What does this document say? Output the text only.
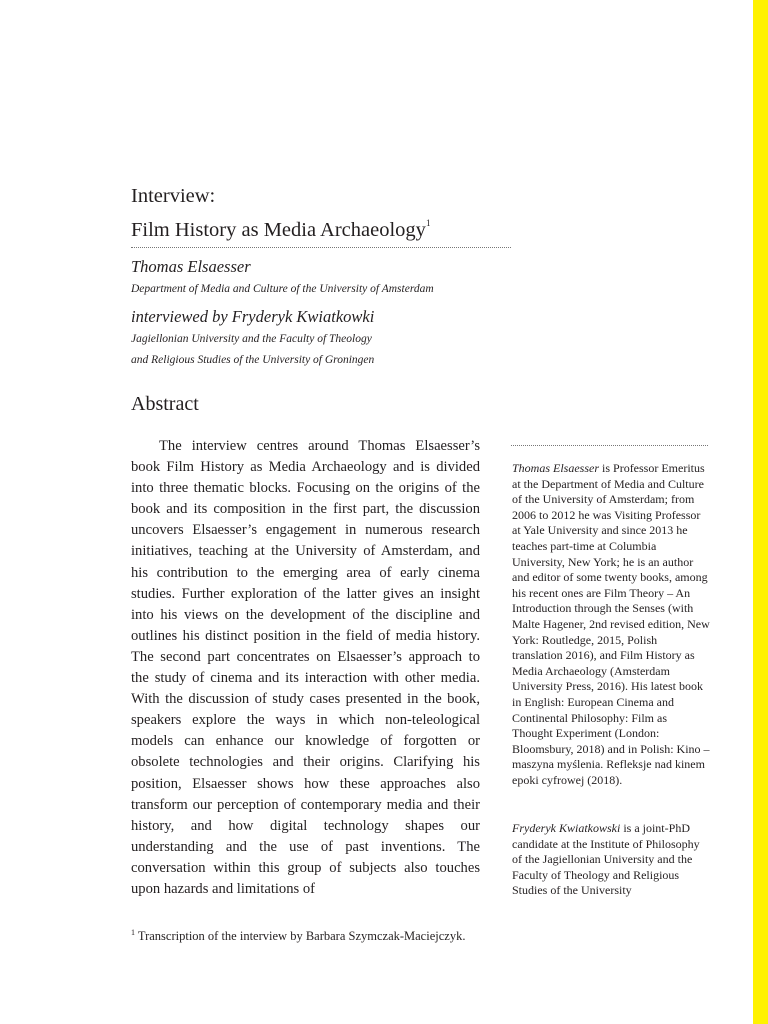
Interview:
Film History as Media Archaeology$^1$
Thomas Elsaesser
Department of Media and Culture of the University of Amsterdam
interviewed by Fryderyk Kwiatkowki
Jagiellonian University and the Faculty of Theology
and Religious Studies of the University of Groningen
Abstract

The interview centres around Thomas Elsaesser’s book Film History as Media Archaeology and is divided into three thematic blocks. Focusing on the origins of the book and its composition in the first part, the discussion uncovers Elsaesser’s engagement in numerous research initiatives, teaching at the University of Amsterdam, and his contribution to the emerging area of early cinema studies. Further exploration of the latter gives an insight into his views on the development of the discipline and outlines his distinct position in the field of media history. The second part concentrates on Elsaesser’s approach to the study of cinema and its interaction with other media. With the discussion of study cases presented in the book, speakers explore the ways in which non-teleological models can enhance our knowledge of forgotten or obsolete technologies and their origins. Clarifying his position, Elsaesser shows how these approaches also transform our perception of contemporary media and their history, and how digital technology shapes our understanding and the use of past inventions. The conversation within this group of subjects also touches upon hazards and limitations of

Thomas Elsaesser is Professor Emeritus at the Department of Media and Culture of the University of Amsterdam; from 2006 to 2012 he was Visiting Professor at Yale University and since 2013 he teaches part-time at Columbia University, New York; he is an author and editor of some twenty books, among his recent ones are Film Theory – An Introduction through the Senses (with Malte Hagener, 2nd revised edition, New York: Routledge, 2015, Polish translation 2016), and Film History as Media Archaeology (Amsterdam University Press, 2016). His latest book in English: European Cinema and Continental Philosophy: Film as Thought Experiment (London: Bloomsbury, 2018) and in Polish: Kino – maszyna myślenia. Refleksje nad kinem epoki cyfrowej (2018).

Fryderyk Kwiatkowski is a joint-PhD candidate at the Institute of Philosophy of the Jagiellonian University and the Faculty of Theology and Religious Studies of the University

$^1$ Transcription of the interview by Barbara Szymczak-Maciejczyk.
